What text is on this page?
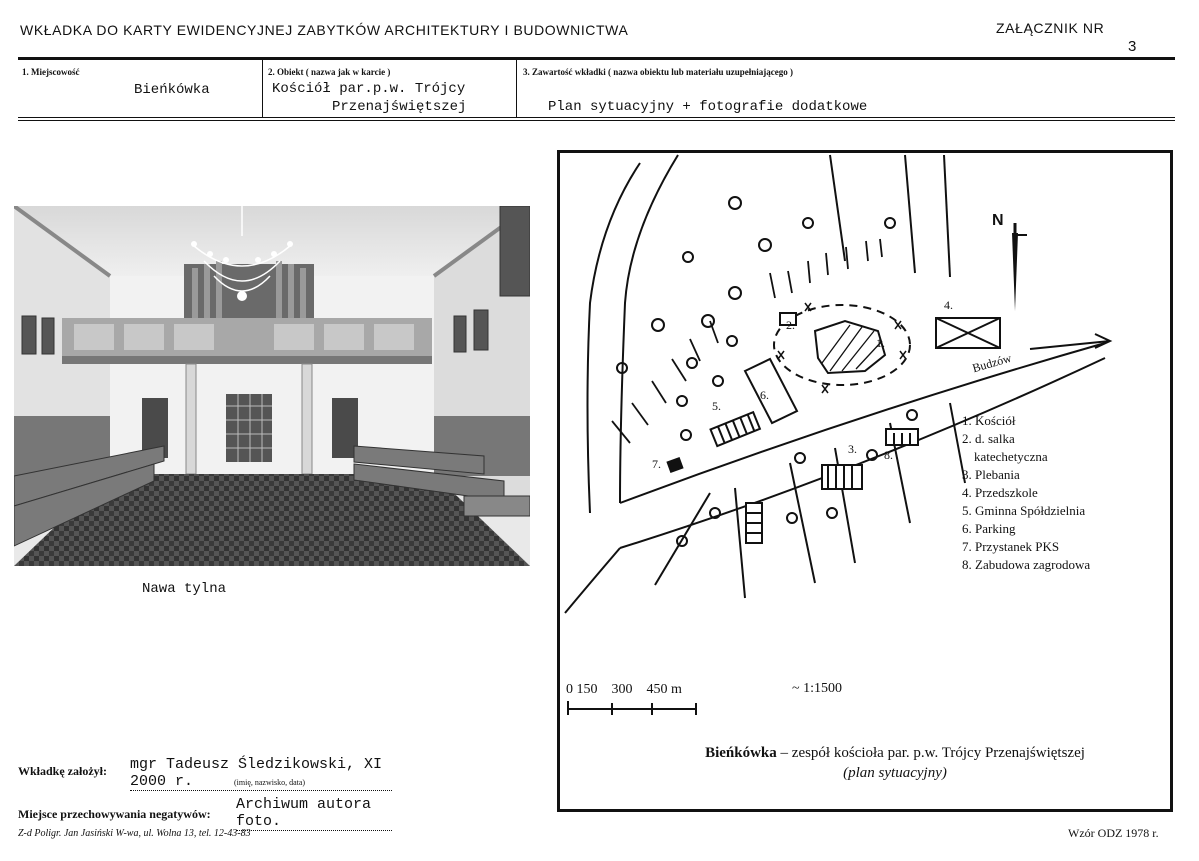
WKŁADKA DO KARTY EWIDENCYJNEJ ZABYTKÓW ARCHITEKTURY I BUDOWNICTWA	ZAŁĄCZNIK NR
3
1. Miejscowość
Bieńkówka
2. Obiekt ( nazwa jak w karcie )
Kościół par.p.w. Trójcy
Przenajświętszej
3. Zawartość wkładki ( nazwa obiektu lub materiału uzupełniającego )
Plan sytuacyjny + fotografie dodatkowe
Nawa tylna
N
Budzów
1.
2.
3.
4.
5.
6.
7.
8.
1. Kościół
2. d. salka
katechetyczna
3. Plebania
4. Przedszkole
5. Gminna Spółdzielnia
6. Parking
7. Przystanek PKS
8. Zabudowa zagrodowa
0 150    300    450 m	~ 1:1500
Bieńkówka – zespół kościoła par. p.w. Trójcy Przenajświętszej
(plan sytuacyjny)
Wkładkę założył: mgr Tadeusz Śledzikowski, XI 2000 r.	(imię, nazwisko, data)
Miejsce przechowywania negatywów:
Archiwum autora foto.
Z-d Poligr. Jan Jasiński W-wa, ul. Wolna 13, tel. 12-43-83	Wzór ODZ 1978 r.
